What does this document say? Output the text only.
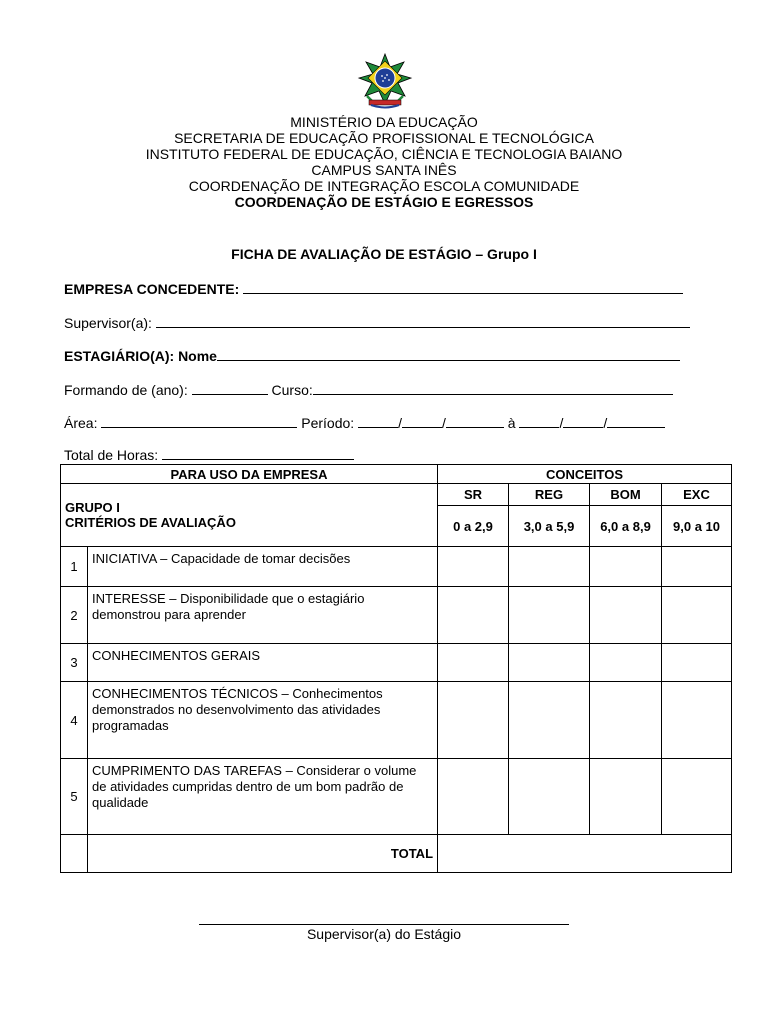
MINISTÉRIO DA EDUCAÇÃO
SECRETARIA DE EDUCAÇÃO PROFISSIONAL E TECNOLÓGICA
INSTITUTO FEDERAL DE EDUCAÇÃO, CIÊNCIA E TECNOLOGIA BAIANO
CAMPUS SANTA INÊS
COORDENAÇÃO DE INTEGRAÇÃO ESCOLA COMUNIDADE
COORDENAÇÃO DE ESTÁGIO E EGRESSOS
FICHA DE AVALIAÇÃO DE ESTÁGIO – Grupo I
EMPRESA CONCEDENTE:
Supervisor(a):
ESTAGIÁRIO(A): Nome
Formando de (ano):	Curso:
Área:	Período:	/	/	à	/	/
Total de Horas:
PARA USO DA EMPRESA		CONCEITOS			

GRUPO I
CRITÉRIOS DE AVALIAÇÃO		SR	REG	BOM	EXC
		0 a 2,9	3,0 a 5,9	6,0 a 8,9	9,0 a 10
1	INICIATIVA – Capacidade de tomar decisões				
2	INTERESSE – Disponibilidade que o estagiário demonstrou para aprender				
3	CONHECIMENTOS GERAIS				
4	CONHECIMENTOS TÉCNICOS – Conhecimentos demonstrados no desenvolvimento das atividades programadas				
5	CUMPRIMENTO DAS TAREFAS – Considerar o volume de atividades cumpridas dentro de um bom padrão de qualidade				
	TOTAL				
Supervisor(a) do Estágio
